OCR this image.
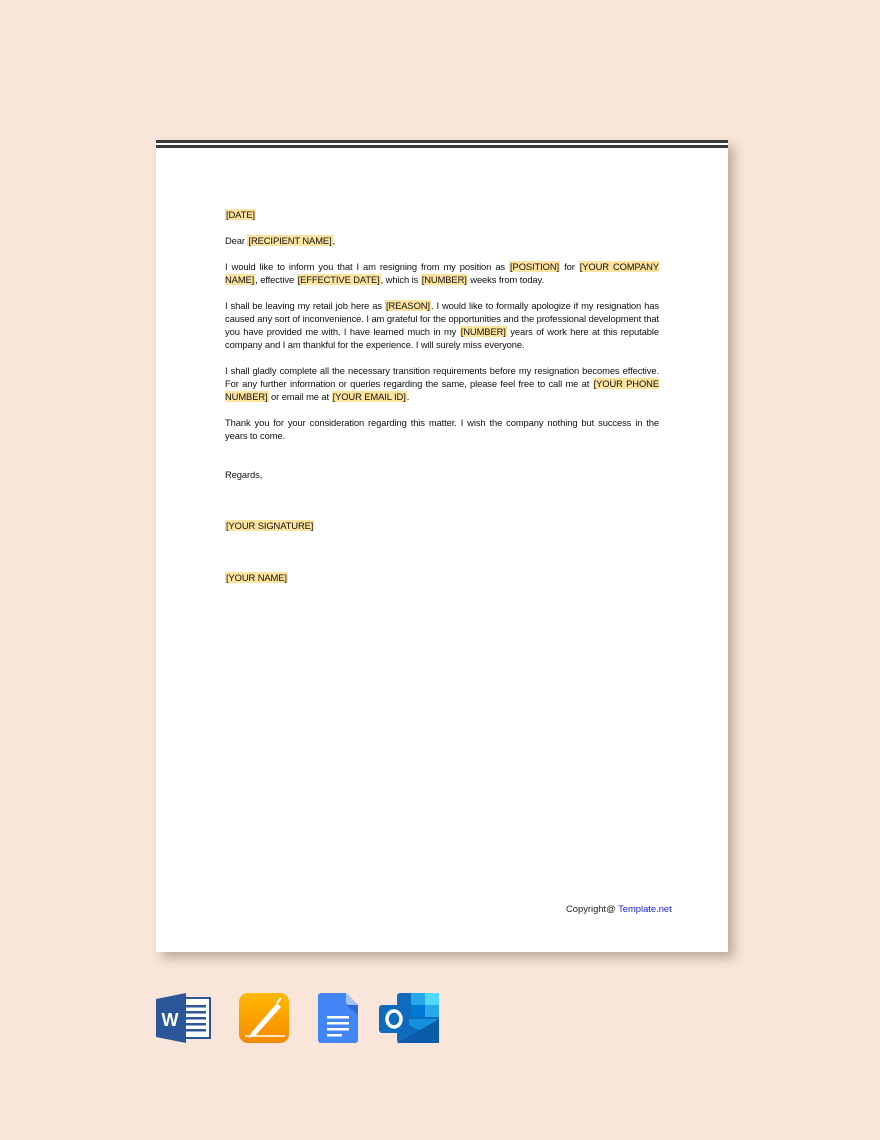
[DATE]

Dear [RECIPIENT NAME],

I would like to inform you that I am resigning from my position as [POSITION] for [YOUR COMPANY NAME], effective [EFFECTIVE DATE], which is [NUMBER] weeks from today.

I shall be leaving my retail job here as [REASON]. I would like to formally apologize if my resignation has caused any sort of inconvenience. I am grateful for the opportunities and the professional development that you have provided me with. I have learned much in my [NUMBER] years of work here at this reputable company and I am thankful for the experience. I will surely miss everyone.

I shall gladly complete all the necessary transition requirements before my resignation becomes effective. For any further information or queries regarding the same, please feel free to call me at [YOUR PHONE NUMBER] or email me at [YOUR EMAIL ID].

Thank you for your consideration regarding this matter. I wish the company nothing but success in the years to come.

Regards,

[YOUR SIGNATURE]

[YOUR NAME]

Copyright@ Template.net
W
